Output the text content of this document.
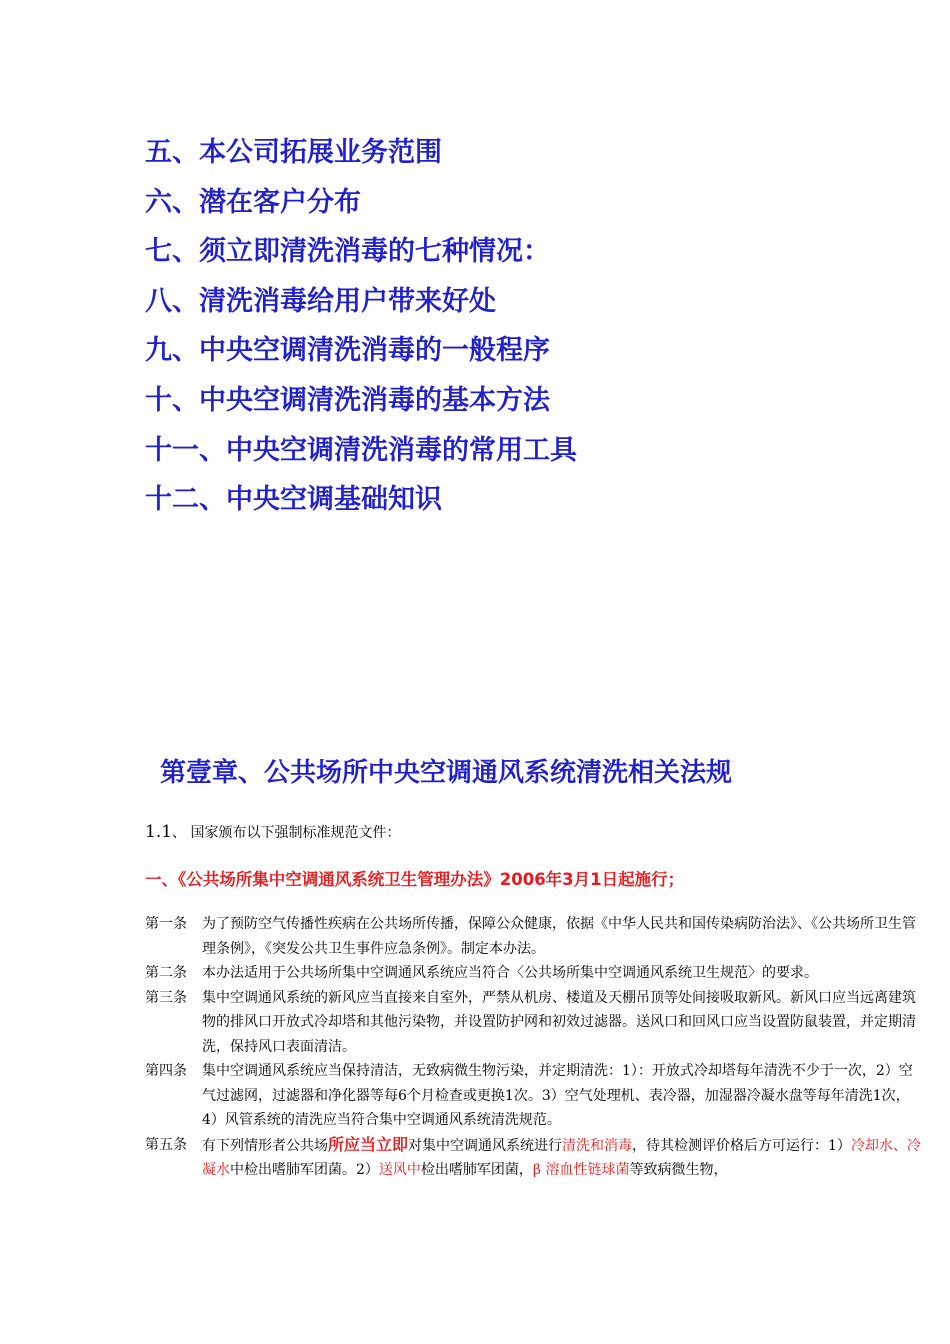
五、本公司拓展业务范围
六、潜在客户分布
七、须立即清洗消毒的七种情况：
八、清洗消毒给用户带来好处
九、中央空调清洗消毒的一般程序
十、中央空调清洗消毒的基本方法
十一、中央空调清洗消毒的常用工具
十二、中央空调基础知识
第壹章、公共场所中央空调通风系统清洗相关法规
1.1、 国家颁布以下强制标准规范文件：
一、《公共场所集中空调通风系统卫生管理办法》2006年3月1日起施行；
第一条 为了预防空气传播性疾病在公共场所传播，保障公众健康，依据《中华人民共和国传染病防治法》、《公共场所卫生管理条例》，《突发公共卫生事件应急条例》。制定本办法。
第二条 本办法适用于公共场所集中空调通风系统应当符合〈公共场所集中空调通风系统卫生规范〉的要求。
第三条 集中空调通风系统的新风应当直接来自室外，严禁从机房、楼道及天棚吊顶等处间接吸取新风。新风口应当远离建筑物的排风口开放式冷却塔和其他污染物，并设置防护网和初效过滤器。送风口和回风口应当设置防鼠装置，并定期清洗，保持风口表面清洁。
第四条 集中空调通风系统应当保持清洁，无致病微生物污染，并定期清洗：1）：开放式冷却塔每年清洗不少于一次，2）空气过滤网，过滤器和净化器等每6个月检查或更换1次。3）空气处理机、表冷器，加湿器冷凝水盘等每年清洗1次，4）风管系统的清洗应当符合集中空调通风系统清洗规范。
第五条 有下列情形者公共场所应当立即对集中空调通风系统进行清洗和消毒，待其检测评价格后方可运行：1）冷却水、冷凝水中检出嗜肺军团菌。2）送风中检出嗜肺军团菌，β 溶血性链球菌等致病微生物，
